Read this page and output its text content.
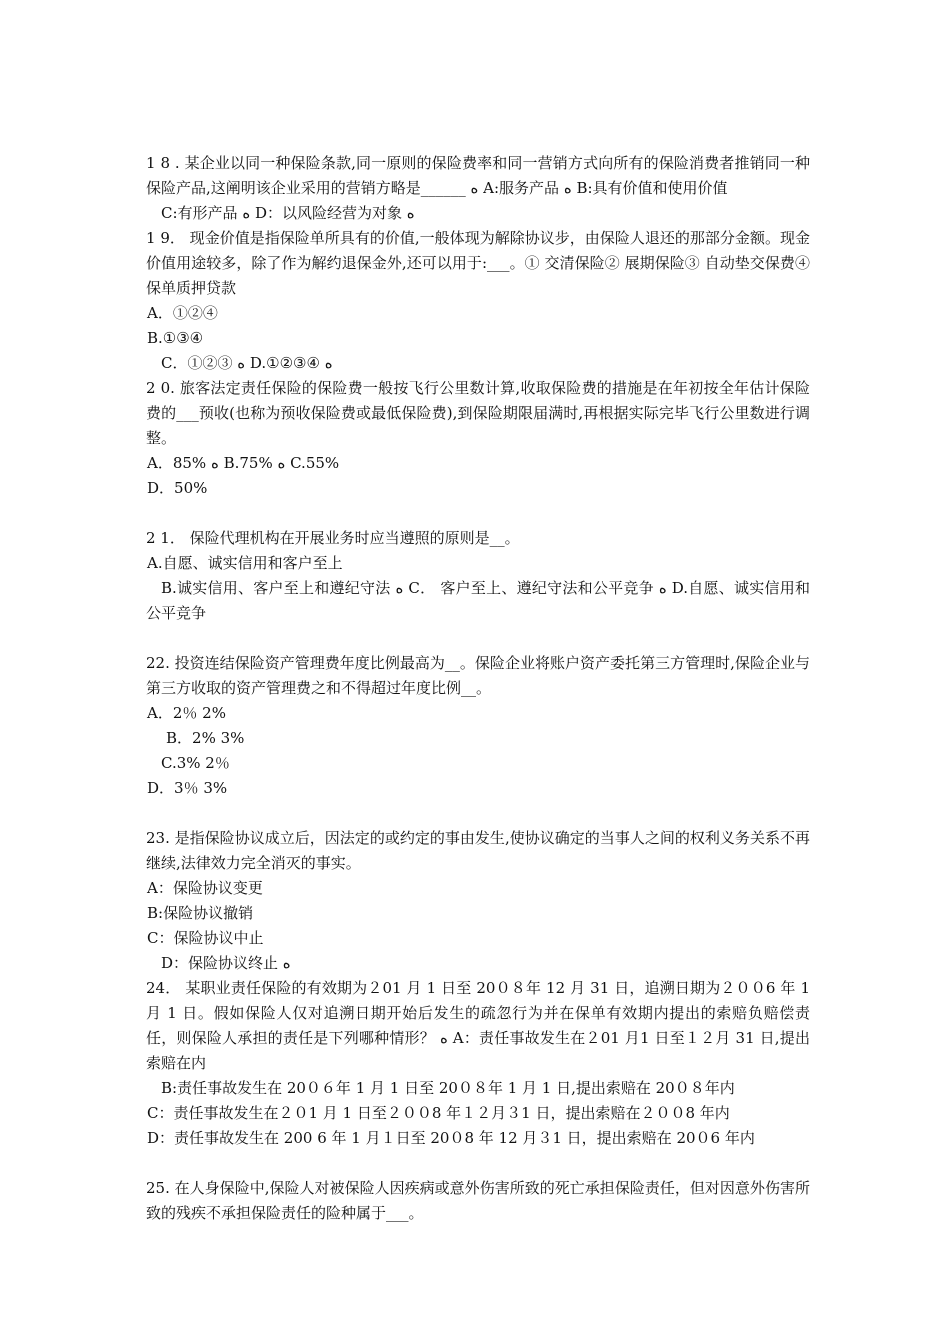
1 8 . 某企业以同一种保险条款,同一原则的保险费率和同一营销方式向所有的保险消费者推销同一种保险产品,这阐明该企业采用的营销方略是______ ﻩ A:服务产品 ﻩ B:具有价值和使用价值
C:有形产品 ﻩ D：以风险经营为对象 ﻩ
1 9． 现金价值是指保险单所具有的价值,一般体现为解除协议步，由保险人退还的那部分金额。现金价值用途较多，除了作为解约退保金外,还可以用于:___。① 交清保险② 展期保险③ 自动垫交保费④ 保单质押贷款
A．①②④
B.①③④
C．①②③ ﻩ D.①②③④ ﻩ
2 0. 旅客法定责任保险的保险费一般按飞行公里数计算,收取保险费的措施是在年初按全年估计保险费的___预收(也称为预收保险费或最低保险费),到保险期限届满时,再根据实际完毕飞行公里数进行调整。
A．85% ﻩ B.75% ﻩ C.55%
D．50%
2 1． 保险代理机构在开展业务时应当遵照的原则是__。
A.自愿、诚实信用和客户至上
B.诚实信用、客户至上和遵纪守法 ﻩ C． 客户至上、遵纪守法和公平竞争 ﻩ D.自愿、诚实信用和公平竞争
22. 投资连结保险资产管理费年度比例最高为__。保险企业将账户资产委托第三方管理时,保险企业与第三方收取的资产管理费之和不得超过年度比例__。
A．2％ 2%
B．2% 3%
C.3% 2％
D．3％ 3%
23. 是指保险协议成立后，因法定的或约定的事由发生,使协议确定的当事人之间的权利义务关系不再继续,法律效力完全消灭的事实。
A：保险协议变更
B:保险协议撤销
C：保险协议中止
D：保险协议终止 ﻩ
24． 某职业责任保险的有效期为２01 月 1 日至 20０８年 12 月 31 日，追溯日期为２００6 年 1 月 1 日。假如保险人仅对追溯日期开始后发生的疏忽行为并在保单有效期内提出的索赔负赔偿责任，则保险人承担的责任是下列哪种情形？ ﻩ A：责任事故发生在２01 月1 日至１２月 31 日,提出索赔在内
B:责任事故发生在 20０６年 1 月 1 日至 20０８年 1 月 1 日,提出索赔在 20０８年内
C：责任事故发生在２０1 月 1 日至２００8 年１２月３1 日，提出索赔在２００8 年内
D：责任事故发生在 200 6 年 1 月１日至 20０8 年 12 月３1 日，提出索赔在 20０6 年内
25. 在人身保险中,保险人对被保险人因疾病或意外伤害所致的死亡承担保险责任，但对因意外伤害所致的残疾不承担保险责任的险种属于___。
